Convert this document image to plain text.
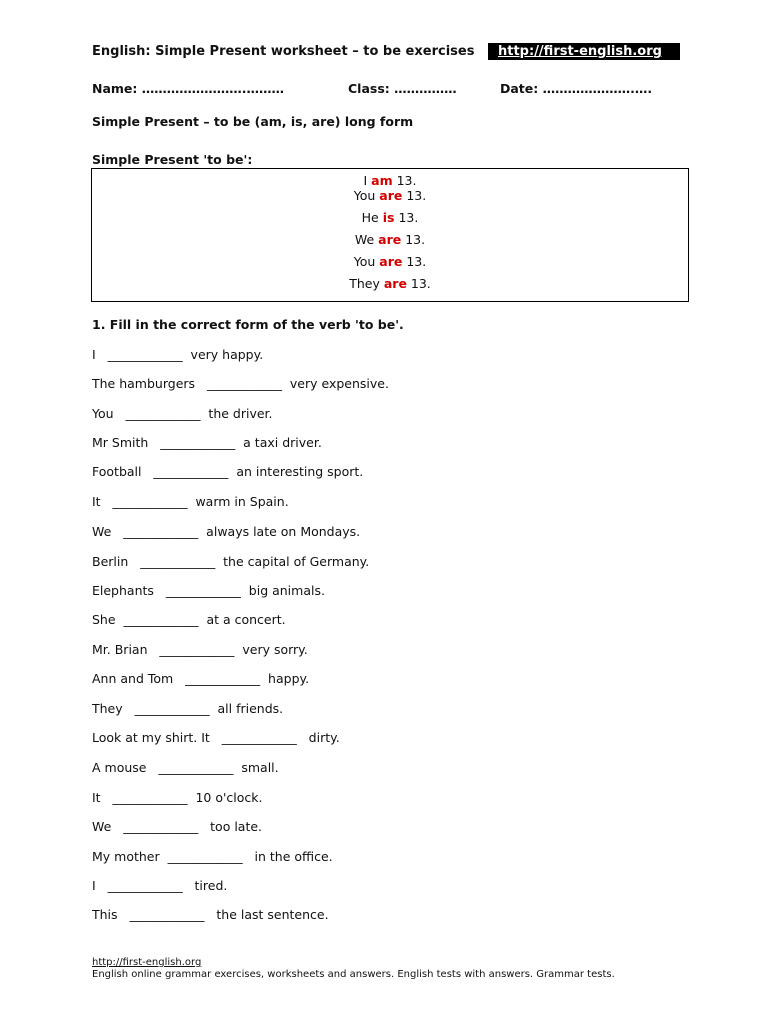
English: Simple Present worksheet – to be exercises	http://first-english.org
Name: …………………….………	Class: ……………	Date: ………………….….
Simple Present – to be (am, is, are) long form
Simple Present 'to be':
I am 13.
You are 13.
He is 13.
We are 13.
You are 13.
They are 13.
1. Fill in the correct form of the verb 'to be'.
I   ____________  very happy.
The hamburgers   ____________  very expensive.
You   ____________  the driver.
Mr Smith   ____________  a taxi driver.
Football   ____________  an interesting sport.
It   ____________  warm in Spain.
We   ____________  always late on Mondays.
Berlin   ____________  the capital of Germany.
Elephants   ____________  big animals.
She  ____________  at a concert.
Mr. Brian   ____________  very sorry.
Ann and Tom   ____________  happy.
They   ____________  all friends.
Look at my shirt. It   ____________   dirty.
A mouse   ____________  small.
It   ____________  10 o'clock.
We   ____________   too late.
My mother  ____________   in the office.
I   ____________   tired.
This   ____________   the last sentence.
http://first-english.org
English online grammar exercises, worksheets and answers. English tests with answers. Grammar tests.
